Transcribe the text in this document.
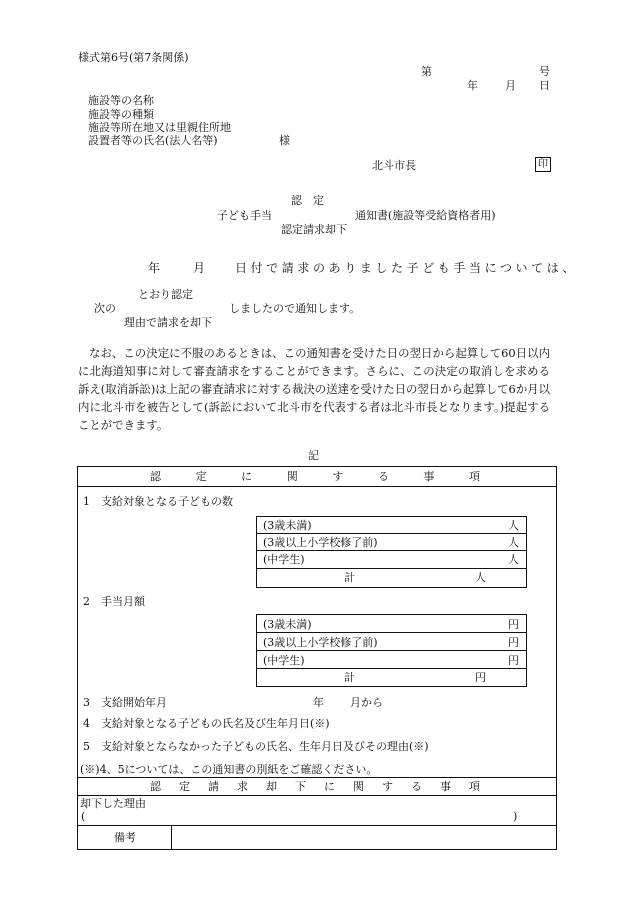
様式第6号(第7条関係)
第	号
年 月 日
施設等の名称
施設等の種類
施設等所在地又は里親住所地
設置者等の氏名(法人名等)	様
北斗市長	印
認　定
子ども手当	通知書(施設等受給資格者用)
認定請求却下
年	月 日付で請求のありました子ども手当については、
とおり認定
次の	しましたので通知します。
理由で請求を却下
なお、この決定に不服のあるときは、この通知書を受けた日の翌日から起算して60日以内に北海道知事に対して審査請求をすることができます。さらに、この決定の取消しを求める訴え(取消訴訟)は上記の審査請求に対する裁決の送達を受けた日の翌日から起算して6か月以内に北斗市を被告として(訴訟において北斗市を代表する者は北斗市長となります。)提起することができます。
記
認	定	に	関	す	る	事	項
1　支給対象となる子どもの数
(3歳未満)	人
(3歳以上小学校修了前)	人
(中学生)	人
計	人
2　手当月額
(3歳未満)	円
(3歳以上小学校修了前)	円
(中学生)	円
計	円
3　支給開始年月	年 月から
4　支給対象となる子どもの氏名及び生年月日(※)
5　支給対象とならなかった子どもの氏名、生年月日及びその理由(※)
(※)4、5については、この通知書の別紙をご確認ください。
認 定 請 求 却 下 に 関 す る 事 項
却下した理由
(	)
備考
